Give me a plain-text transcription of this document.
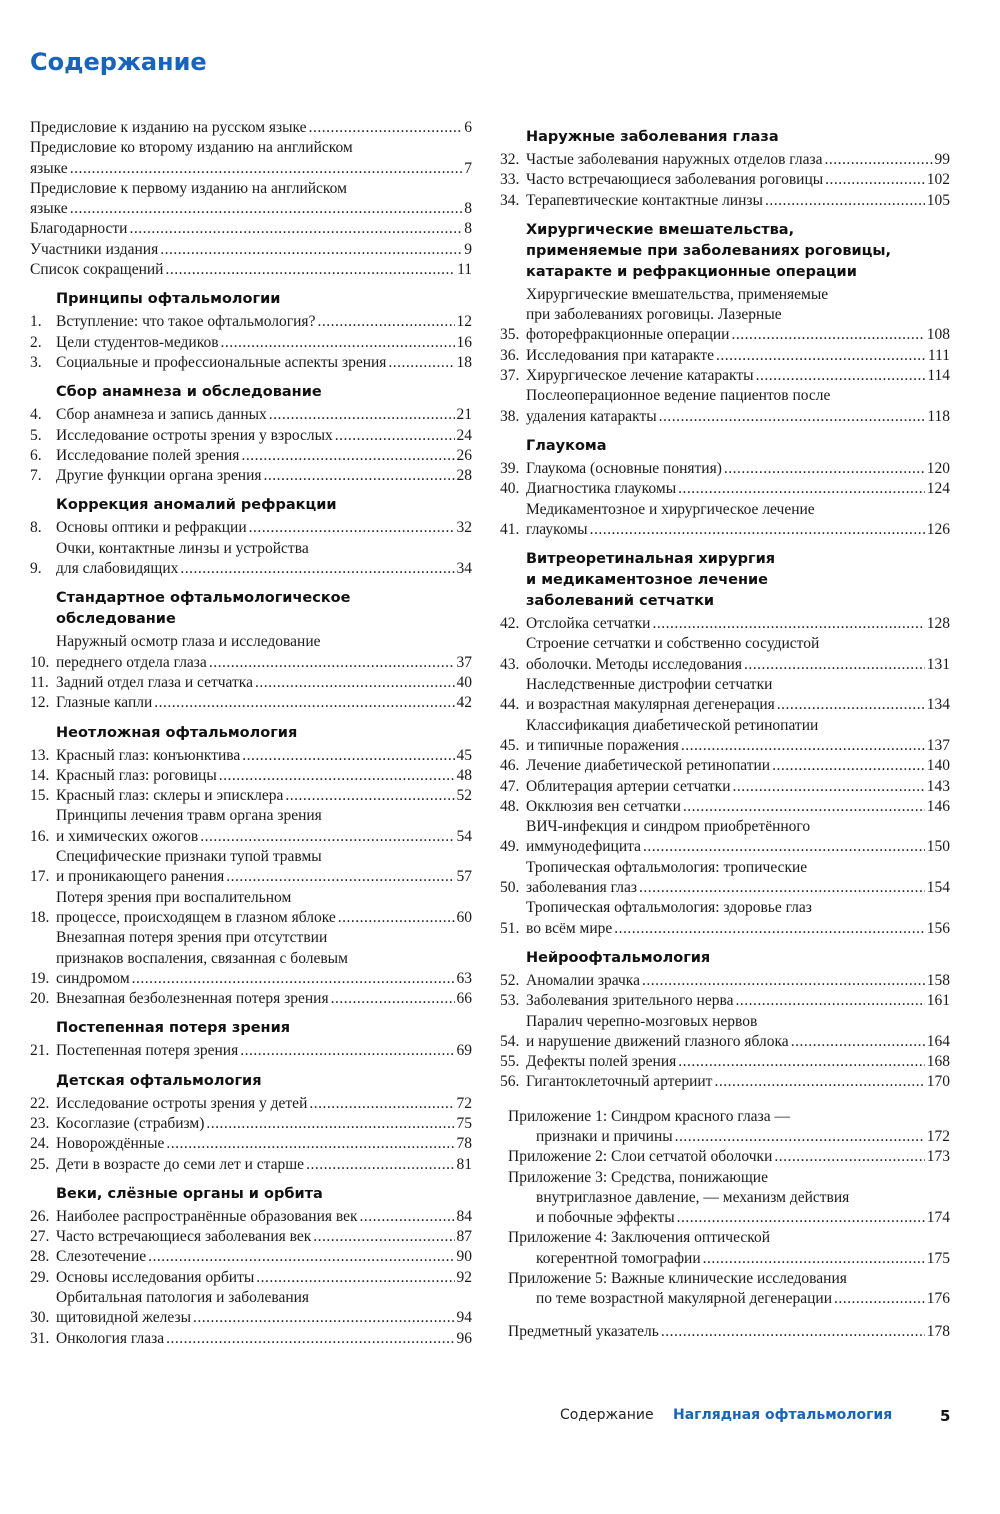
Содержание
Предисловие к изданию на русском языке .....	6
Предисловие ко второму изданию на английском
языке .....	7
Предисловие к первому изданию на английском
языке .....	8
Благодарности .....	8
Участники издания .....	9
Список сокращений .....	11
Принципы офтальмологии
1. Вступление: что такое офтальмология? .....	12
2. Цели студентов-медиков .....	16
3. Социальные и профессиональные аспекты зрения .....	18
Сбор анамнеза и обследование
4. Сбор анамнеза и запись данных .....	21
5. Исследование остроты зрения у взрослых .....	24
6. Исследование полей зрения .....	26
7. Другие функции органа зрения .....	28
Коррекция аномалий рефракции
8. Основы оптики и рефракции .....	32
9.
Очки, контактные линзы и устройства
для слабовидящих .....	34
Стандартное офтальмологическое
обследование
10.
Наружный осмотр глаза и исследование
переднего отдела глаза .....	37
11. Задний отдел глаза и сетчатка .....	40
12. Глазные капли .....	42
Неотложная офтальмология
13. Красный глаз: конъюнктива .....	45
14. Красный глаз: роговицы .....	48
15. Красный глаз: склеры и эписклера .....	52
16.
Принципы лечения травм органа зрения
и химических ожогов .....	54
17.
Специфические признаки тупой травмы
и проникающего ранения .....	57
18.
Потеря зрения при воспалительном
процессе, происходящем в глазном яблоке .....	60
19.
Внезапная потеря зрения при отсутствии
признаков воспаления, связанная с болевым
синдромом .....	63
20. Внезапная безболезненная потеря зрения .....	66
Постепенная потеря зрения
21. Постепенная потеря зрения .....	69
Детская офтальмология
22. Исследование остроты зрения у детей .....	72
23. Косоглазие (страбизм) .....	75
24. Новорождённые .....	78
25. Дети в возрасте до семи лет и старше .....	81
Веки, слёзные органы и орбита
26. Наиболее распространённые образования век .....	84
27. Часто встречающиеся заболевания век .....	87
28. Слезотечение .....	90
29. Основы исследования орбиты .....	92
30.
Орбитальная патология и заболевания
щитовидной железы .....	94
31. Онкология глаза .....	96
Наружные заболевания глаза
32. Частые заболевания наружных отделов глаза .....	99
33. Часто встречающиеся заболевания роговицы .....	102
34. Терапевтические контактные линзы .....	105
Хирургические вмешательства,
применяемые при заболеваниях роговицы,
катаракте и рефракционные операции
35.
Хирургические вмешательства, применяемые
при заболеваниях роговицы. Лазерные
фоторефракционные операции .....	108
36. Исследования при катаракте .....	111
37. Хирургическое лечение катаракты .....	114
38.
Послеоперационное ведение пациентов после
удаления катаракты .....	118
Глаукома
39. Глаукома (основные понятия) .....	120
40. Диагностика глаукомы .....	124
41.
Медикаментозное и хирургическое лечение
глаукомы .....	126
Витреоретинальная хирургия
и медикаментозное лечение
заболеваний сетчатки
42. Отслойка сетчатки .....	128
43.
Строение сетчатки и собственно сосудистой
оболочки. Методы исследования .....	131
44.
Наследственные дистрофии сетчатки
и возрастная макулярная дегенерация .....	134
45.
Классификация диабетической ретинопатии
и типичные поражения .....	137
46. Лечение диабетической ретинопатии .....	140
47. Облитерация артерии сетчатки .....	143
48. Окклюзия вен сетчатки .....	146
49.
ВИЧ-инфекция и синдром приобретённого
иммунодефицита .....	150
50.
Тропическая офтальмология: тропические
заболевания глаз .....	154
51.
Тропическая офтальмология: здоровье глаз
во всём мире .....	156
Нейроофтальмология
52. Аномалии зрачка .....	158
53. Заболевания зрительного нерва .....	161
54.
Паралич черепно-мозговых нервов
и нарушение движений глазного яблока .....	164
55. Дефекты полей зрения .....	168
56. Гигантоклеточный артериит .....	170
Приложение 1: Синдром красного глаза —
признаки и причины .....	172
Приложение 2: Слои сетчатой оболочки .....	173
Приложение 3: Средства, понижающие
внутриглазное давление, — механизм действия
и побочные эффекты .....	174
Приложение 4: Заключения оптической
когерентной томографии .....	175
Приложение 5: Важные клинические исследования
по теме возрастной макулярной дегенерации .....	176
Предметный указатель .....	178
Содержание Наглядная офтальмология	5
